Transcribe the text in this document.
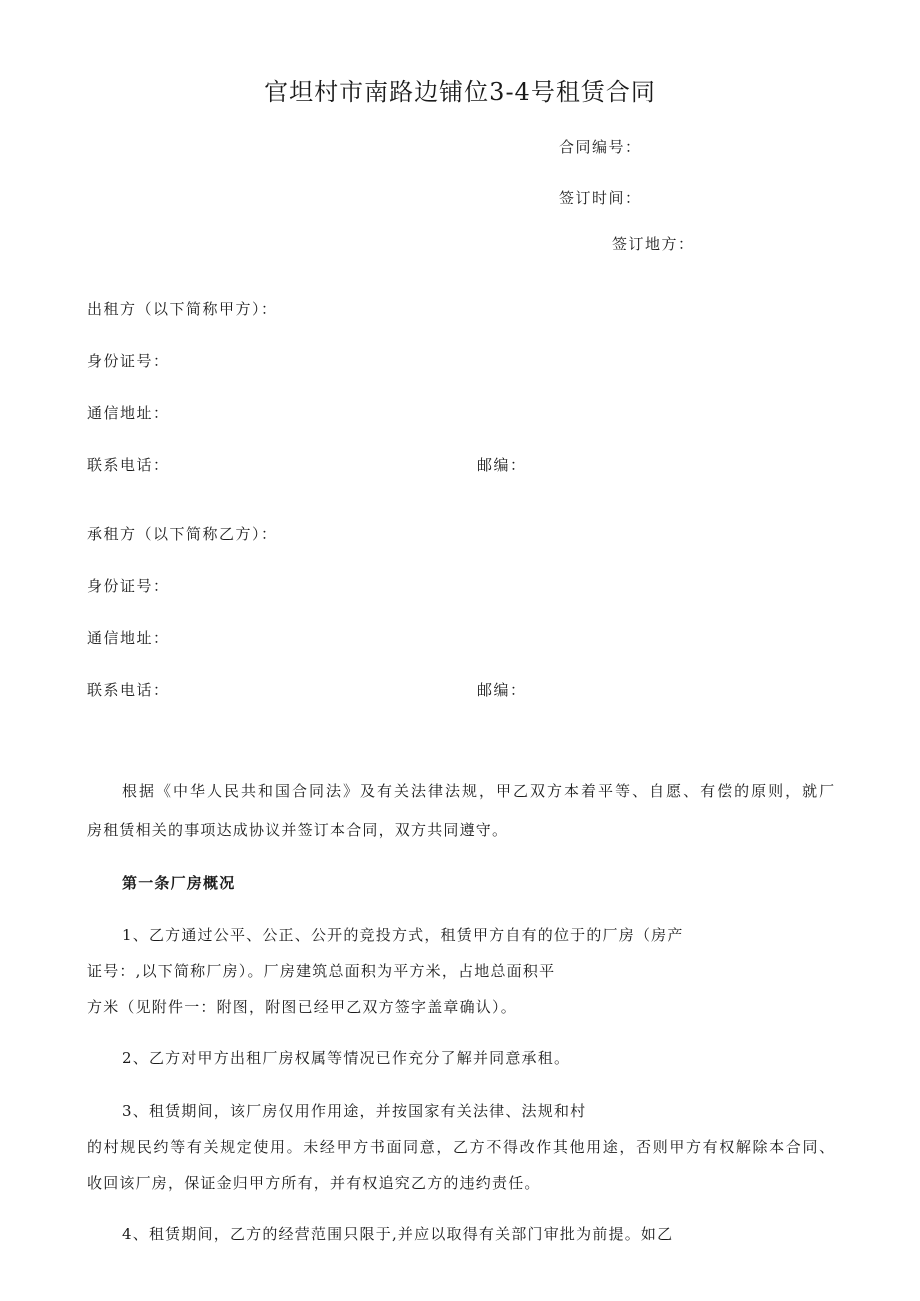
官坦村市南路边铺位3-4号租赁合同
合同编号：
签订时间：
签订地方：
出租方（以下简称甲方）：
身份证号：
通信地址：
联系电话：	邮编：
承租方（以下简称乙方）：
身份证号：
通信地址：
联系电话：	邮编：
根据《中华人民共和国合同法》及有关法律法规，甲乙双方本着平等、自愿、有偿的原则，就厂
房租赁相关的事项达成协议并签订本合同，双方共同遵守。
第一条厂房概况
1、乙方通过公平、公正、公开的竞投方式，租赁甲方自有的位于的厂房（房产
证号：,以下简称厂房）。厂房建筑总面积为平方米，占地总面积平
方米（见附件一：附图，附图已经甲乙双方签字盖章确认）。
2、乙方对甲方出租厂房权属等情况已作充分了解并同意承租。
3、租赁期间，该厂房仅用作用途，并按国家有关法律、法规和村
的村规民约等有关规定使用。未经甲方书面同意，乙方不得改作其他用途，否则甲方有权解除本合同、
收回该厂房，保证金归甲方所有，并有权追究乙方的违约责任。
4、租赁期间，乙方的经营范围只限于,并应以取得有关部门审批为前提。如乙
